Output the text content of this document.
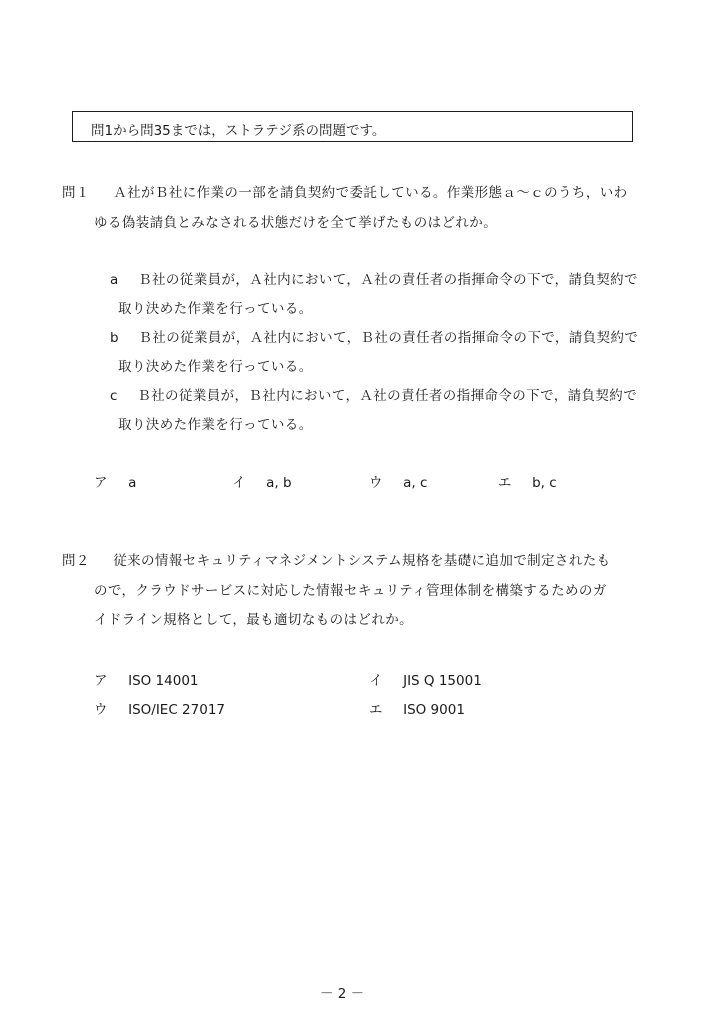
問1から問35までは，ストラテジ系の問題です。
問１ Ａ社がＢ社に作業の一部を請負契約で委託している。作業形態ａ～ｃのうち，いわ
ゆる偽装請負とみなされる状態だけを全て挙げたものはどれか。
a Ｂ社の従業員が，Ａ社内において，Ａ社の責任者の指揮命令の下で，請負契約で
取り決めた作業を行っている。
b Ｂ社の従業員が，Ａ社内において，Ｂ社の責任者の指揮命令の下で，請負契約で
取り決めた作業を行っている。
c Ｂ社の従業員が，Ｂ社内において，Ａ社の責任者の指揮命令の下で，請負契約で
取り決めた作業を行っている。
ア a	イ a, b	ウ a, c	エ b, c
問２ 従来の情報セキュリティマネジメントシステム規格を基礎に追加で制定されたも
ので，クラウドサービスに対応した情報セキュリティ管理体制を構築するためのガ
イドライン規格として，最も適切なものはどれか。
ア ISO 14001	イ JIS Q 15001
ウ ISO/IEC 27017	エ ISO 9001
－ 2 －
